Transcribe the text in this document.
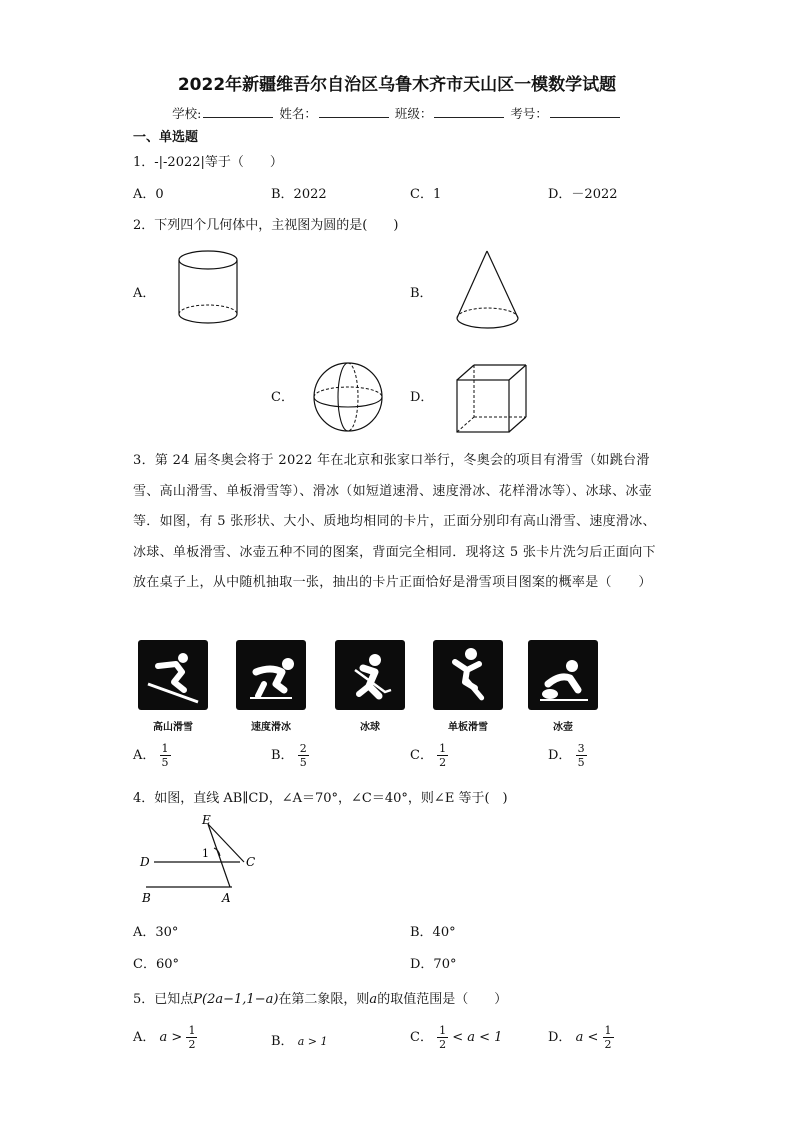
2022年新疆维吾尔自治区乌鲁木齐市天山区一模数学试题
学校:	姓名：	班级：	考号：
一、单选题
1．-|-2022|等于（　　）
A．0	B．2022	C．1	D．－2022
2．下列四个几何体中，主视图为圆的是(　　)
A．	B．
C．	D．
3．第 24 届冬奥会将于 2022 年在北京和张家口举行，冬奥会的项目有滑雪（如跳台滑雪、高山滑雪、单板滑雪等）、滑冰（如短道速滑、速度滑冰、花样滑冰等）、冰球、冰壶等．如图，有 5 张形状、大小、质地均相同的卡片，正面分别印有高山滑雪、速度滑冰、冰球、单板滑雪、冰壶五种不同的图案，背面完全相同．现将这 5 张卡片洗匀后正面向下放在桌子上，从中随机抽取一张，抽出的卡片正面恰好是滑雪项目图案的概率是（　　）
高山滑雪	速度滑冰	冰球	单板滑雪	冰壶
A． $\frac{1}{5}$	B． $\frac{2}{5}$	C． $\frac{1}{2}$	D． $\frac{3}{5}$
4．如图，直线 AB∥CD，∠A＝70°，∠C＝40°，则∠E 等于(　)
E
D	C
B	A
1
A．30°	B．40°
C．60°	D．70°
5．已知点P(2a−1,1−a)在第二象限，则a的取值范围是（　　）
A． $a > \frac{1}{2}$	B． a > 1	C． $\frac{1}{2} < a < 1$	D． $a < \frac{1}{2}$
